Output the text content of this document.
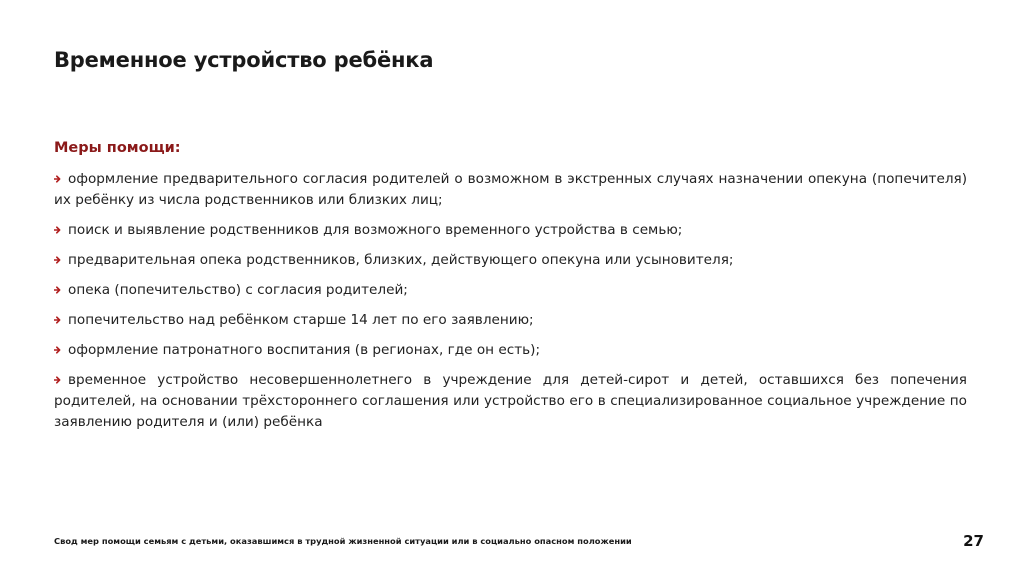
Временное устройство ребёнка
Меры помощи:
оформление предварительного согласия родителей о возможном в экстренных случаях назначении опекуна (попечителя) их ребёнку из числа родственников или близких лиц;
поиск и выявление родственников для возможного временного устройства в семью;
предварительная опека родственников, близких, действующего опекуна или усыновителя;
опека (попечительство) с согласия родителей;
попечительство над ребёнком старше 14 лет по его заявлению;
оформление патронатного воспитания (в регионах, где он есть);
временное устройство несовершеннолетнего в учреждение для детей-сирот и детей, оставшихся без попечения родителей, на основании трёхстороннего соглашения или устройство его в специализированное социальное учреждение по заявлению родителя и (или) ребёнка
Свод мер помощи семьям с детьми, оказавшимся в трудной жизненной ситуации или в социально опасном положении	27
